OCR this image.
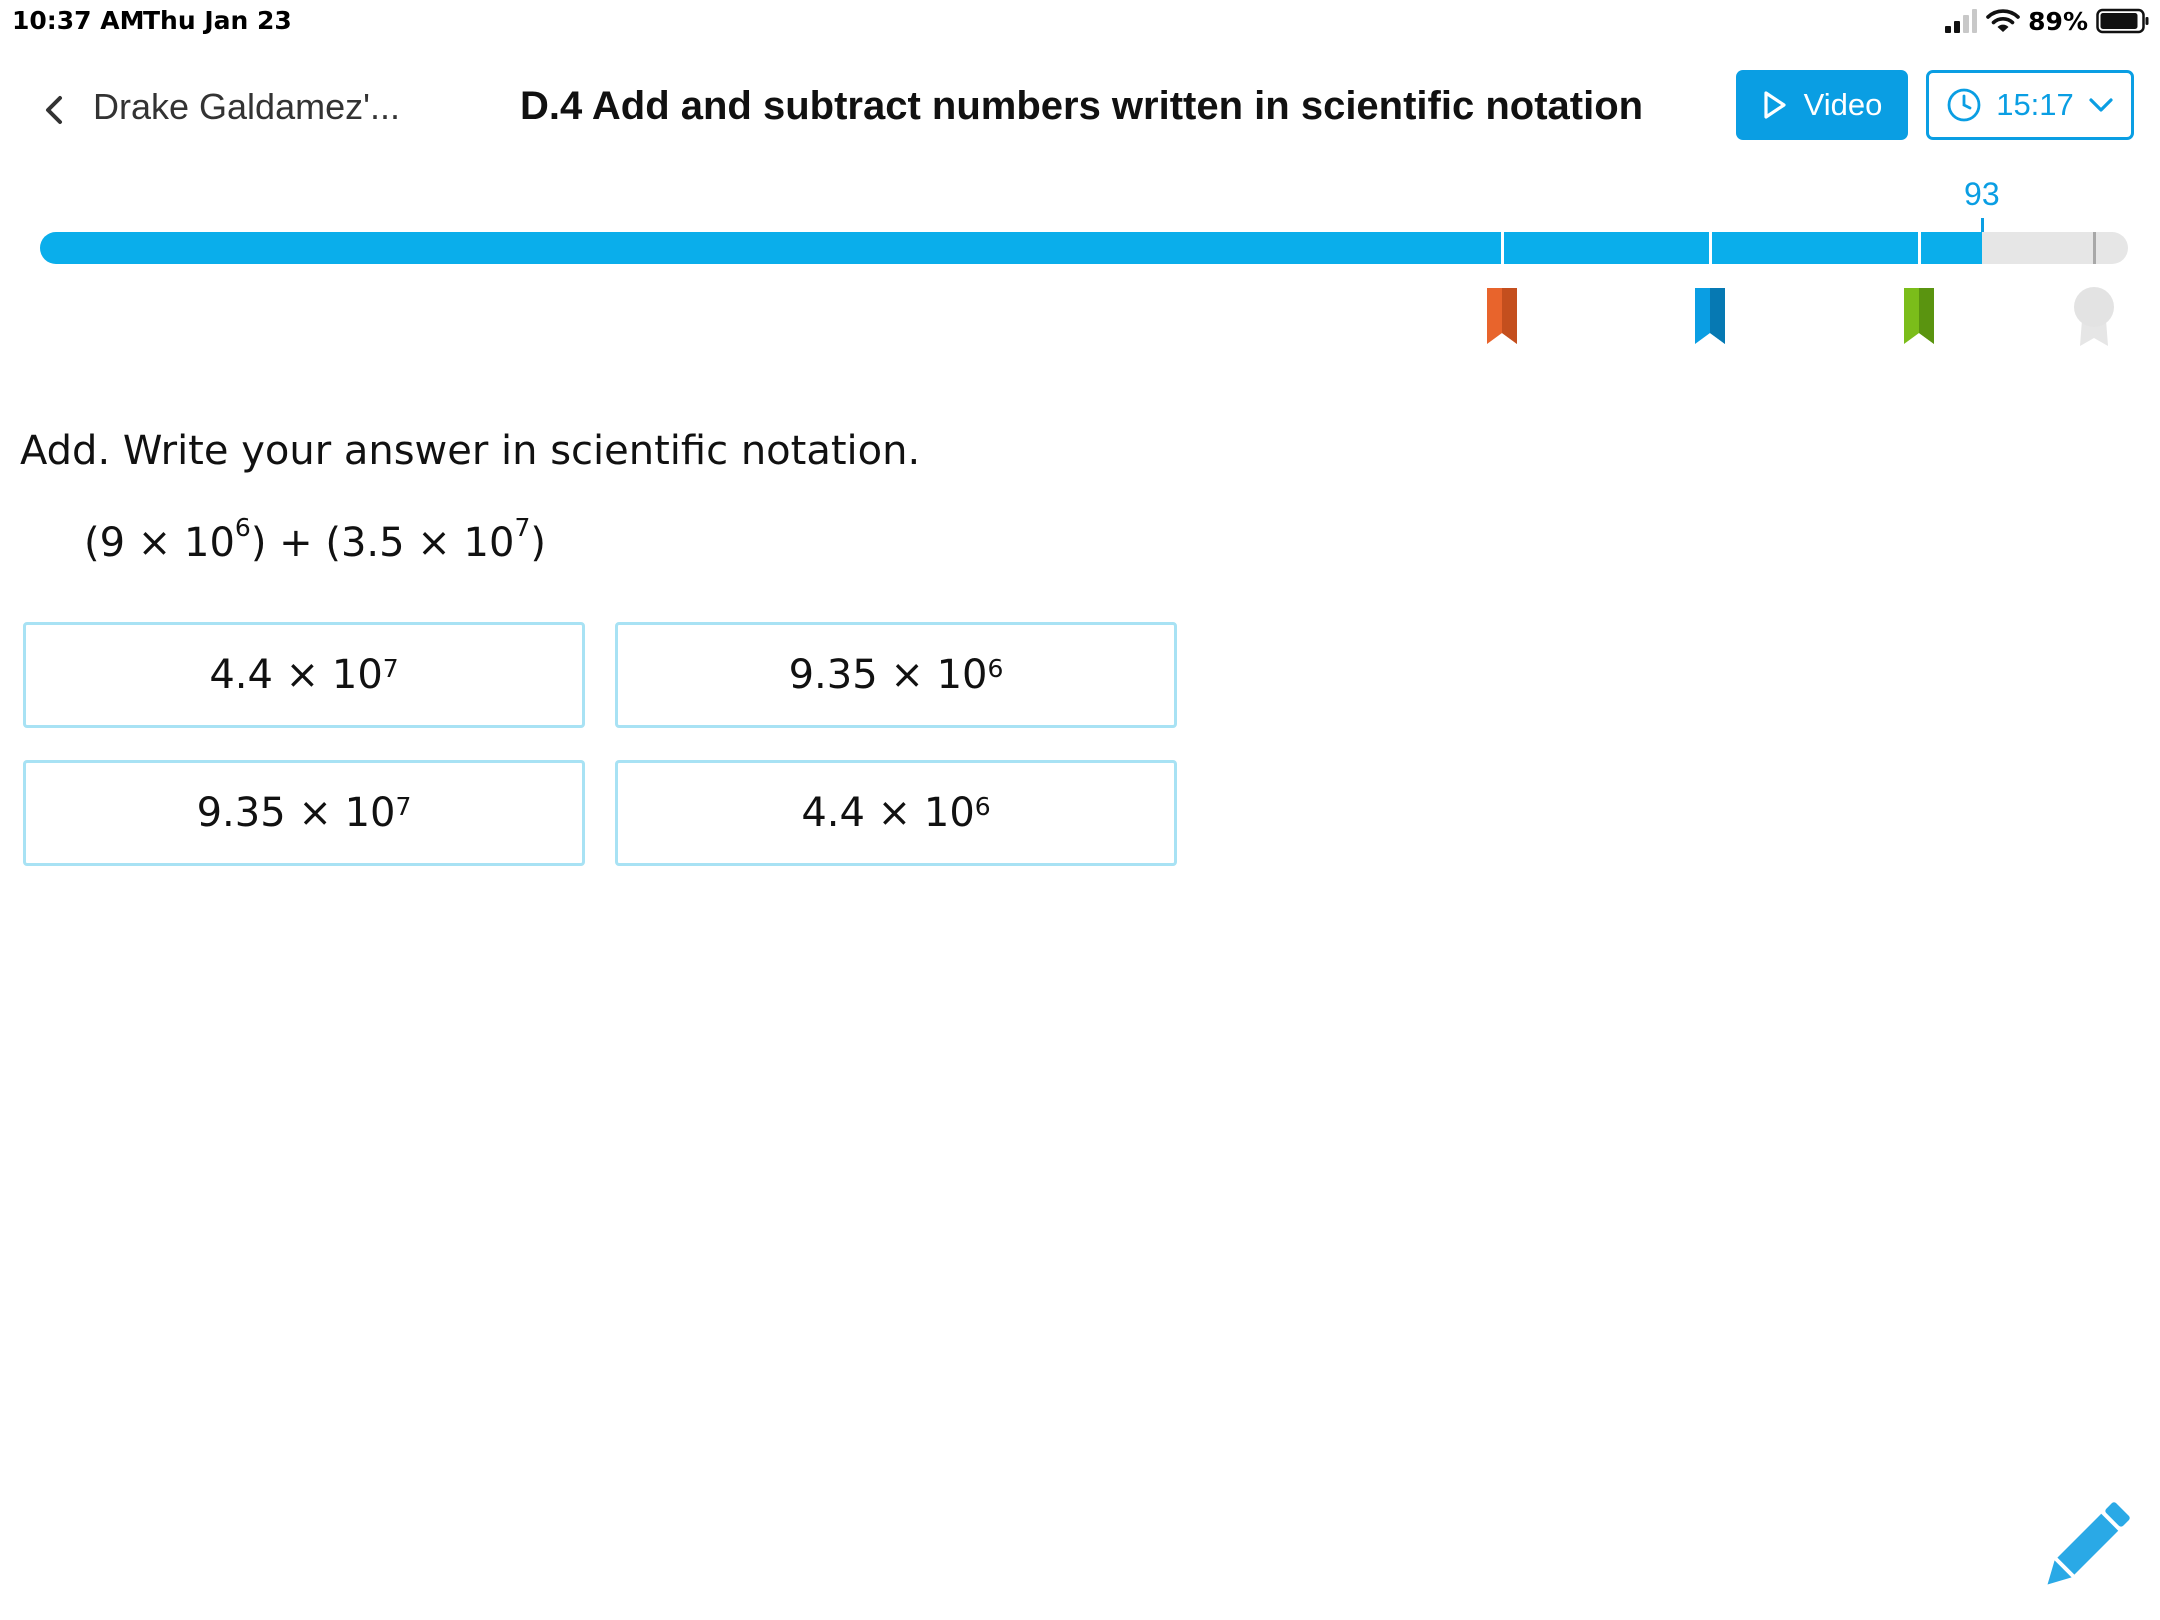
10:37 AM
Thu Jan 23	89%
Drake Galdamez'...	D.4 Add and subtract numbers written in scientific notation	Video	15:17
93
Add. Write your answer in scientific notation.
$(9 \times 10^6) + (3.5 \times 10^7)$
$4.4 \times 10^7$	$9.35 \times 10^6$
$9.35 \times 10^7$	$4.4 \times 10^6$
